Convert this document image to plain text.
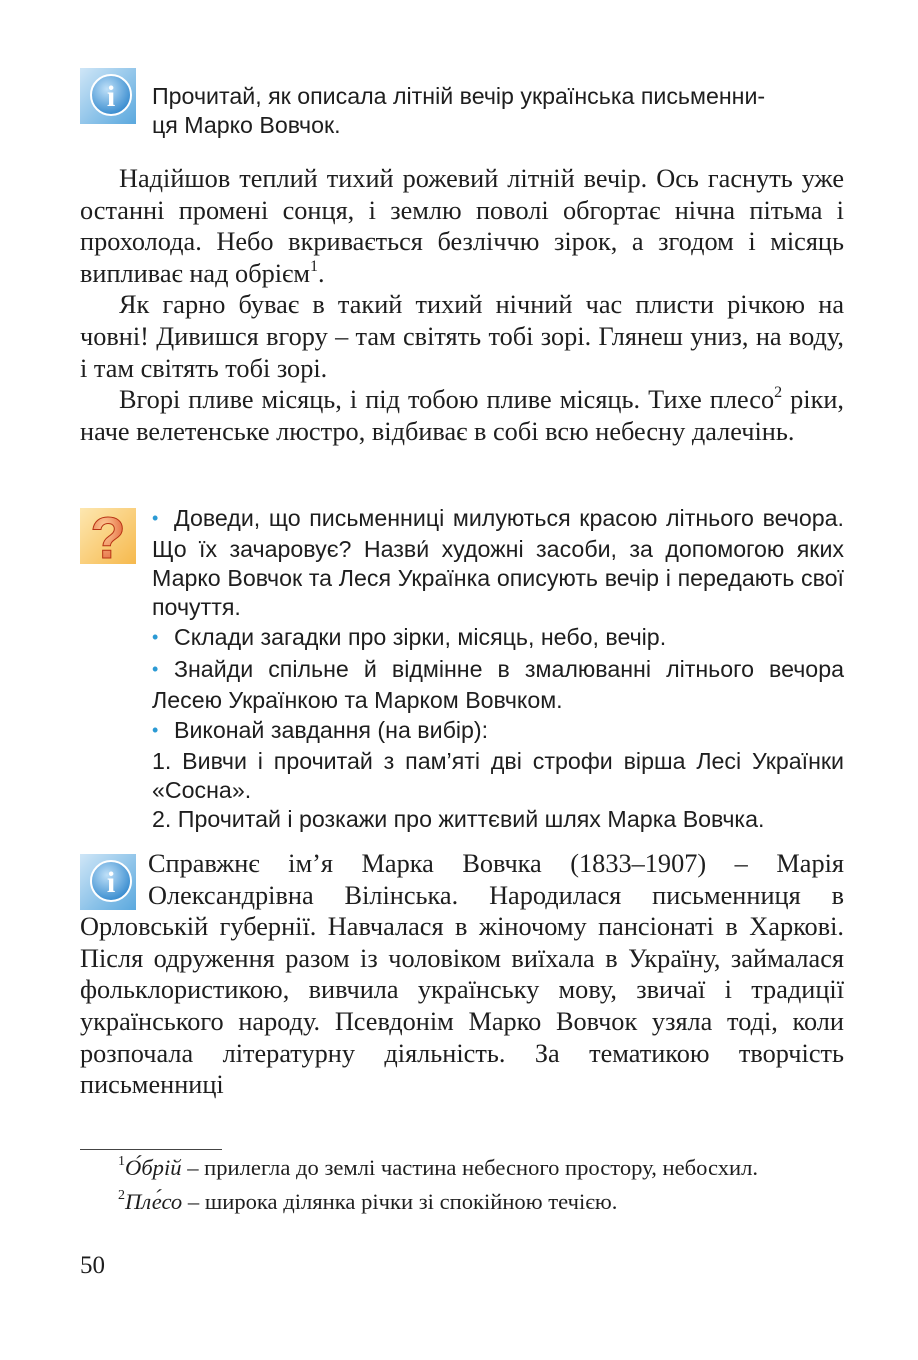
i Прочитай, як описала літній вечір українська письменни-
ця Марко Вовчок.

Надійшов теплий тихий рожевий літній вечір. Ось гаснуть уже останні промені сонця, і землю поволі обгортає нічна пітьма і прохолода. Небо вкривається безліччю зірок, а згодом і місяць випливає над обрієм$^1$.

Як гарно буває в такий тихий нічний час плисти річкою на човні! Дивишся вгору – там світять тобі зорі. Глянеш униз, на воду, і там світять тобі зорі.

Вгорі пливе місяць, і під тобою пливе місяць. Тихе плесо$^2$ ріки, наче велетенське люстро, відбиває в собі всю небесну далечінь.

? • Доведи, що письменниці милуються красою літнього вечора. Що їх зачаровує? Назви́ художні засоби, за допомогою яких Марко Вовчок та Леся Українка описують вечір і передають свої почуття.
• Склади загадки про зірки, місяць, небо, вечір.
• Знайди спільне й відмінне в змалюванні літнього вечора Лесею Українкою та Марком Вовчком.
• Виконай завдання (на вибір):
1. Вивчи і прочитай з пам’яті дві строфи вірша Лесі Українки «Сосна».
2. Прочитай і розкажи про життєвий шлях Марка Вовчка.
i

Справжнє ім’я Марка Вовчка (1833–1907) – Марія Олександрівна Вілінська. Народилася письменниця в Орловській губернії. Навчалася в жіночому пансіонаті в Харкові. Після одруження разом із чоловіком виїхала в Україну, займалася фольклористикою, вивчила українську мову, звичаї і традиції українського народу. Псевдонім Марко Вовчок узяла тоді, коли розпочала літературну діяльність. За тематикою творчість письменниці

$^1$О́брій – прилегла до землі частина небесного простору, небосхил.

$^2$Пле́со – широка ділянка річки зі спокійною течією.

50
